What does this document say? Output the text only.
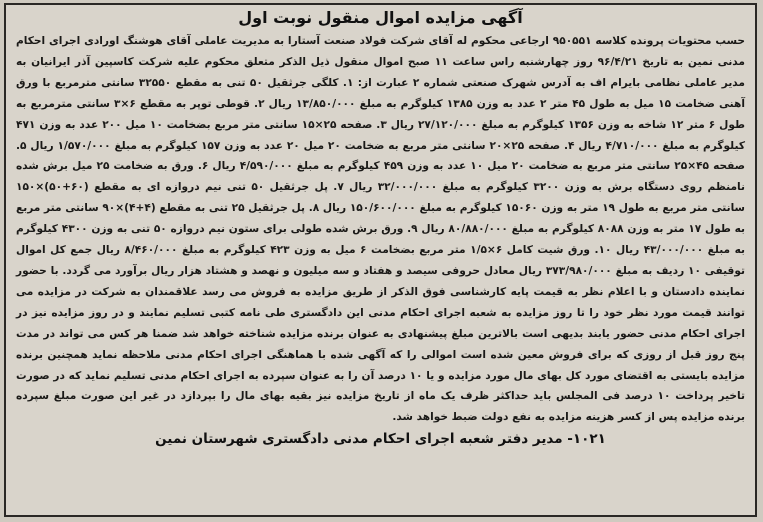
آگهی مزایده اموال منقول نوبت اول

حسب محتویات پرونده کلاسه ۹۵۰۵۵۱ ارجاعی محکوم له آقای شرکت فولاد صنعت آستارا به مدیریت عاملی آقای هوشنگ اورادی اجرای احکام مدنی نمین به تاریخ ۹۶/۴/۲۱ روز چهارشنبه راس ساعت ۱۱ صبح اموال منقول ذیل الذکر متعلق محکوم علیه شرکت کاسپین آذر ایرانیان به مدیر عاملی نظامی بایرام اف به آدرس شهرک صنعتی شماره ۲ عبارت از: ۱. کلگی جرثقیل ۵۰ تنی به مقطع ۳۲۵۵۰ سانتی مترمربع با ورق آهنی ضخامت ۱۵ میل به طول ۴۵ متر ۲ عدد به وزن ۱۳۸۵ کیلوگرم به مبلغ ۱۳/۸۵۰/۰۰۰ ریال ۲. قوطی توپر به مقطع ۶×۳ سانتی مترمربع به طول ۶ متر ۱۲ شاخه به وزن ۱۳۵۶ کیلوگرم به مبلغ ۲۷/۱۲۰/۰۰۰ ریال ۳. صفحه ۲۵×۱۵ سانتی متر مربع بضخامت ۱۰ میل ۲۰۰ عدد به وزن ۴۷۱ کیلوگرم به مبلغ ۴/۷۱۰/۰۰۰ ریال ۴. صفحه ۲۵×۲۰ سانتی متر مربع به ضخامت ۲۰ میل ۲۰ عدد به وزن ۱۵۷ کیلوگرم به مبلغ ۱/۵۷۰/۰۰۰ ریال ۵. صفحه ۴۵×۲۵ سانتی متر مربع به ضخامت ۲۰ میل ۱۰ عدد به وزن ۴۵۹ کیلوگرم به مبلغ ۴/۵۹۰/۰۰۰ ریال ۶. ورق به ضخامت ۲۵ میل برش شده نامنظم روی دستگاه برش به وزن ۳۲۰۰ کیلوگرم به مبلغ ۳۲/۰۰۰/۰۰۰ ریال ۷. پل جرثقیل ۵۰ تنی نیم دروازه ای به مقطع (۶۰+۵۰)×۱۵۰ سانتی متر مربع به طول ۱۹ متر به وزن ۱۵۰۶۰ کیلوگرم به مبلغ ۱۵۰/۶۰۰/۰۰۰ ریال ۸. پل جرثقیل ۲۵ تنی به مقطع (۴+۴)×۹۰ سانتی متر مربع به طول ۱۷ متر به وزن ۸۰۸۸ کیلوگرم به مبلغ ۸۰/۸۸۰/۰۰۰ ریال ۹. ورق برش شده طولی برای ستون نیم دروازه ۵۰ تنی به وزن ۴۳۰۰ کیلوگرم به مبلغ ۴۳/۰۰۰/۰۰۰ ریال ۱۰. ورق شیت کامل ۶×۱/۵ متر مربع بضخامت ۶ میل به وزن ۴۲۳ کیلوگرم به مبلغ ۸/۴۶۰/۰۰۰ ریال جمع کل اموال توقیفی ۱۰ ردیف به مبلغ ۳۷۳/۹۸۰/۰۰۰ ریال معادل حروفی سیصد و هفتاد و سه میلیون و نهصد و هشتاد هزار ریال برآورد می گردد. با حضور نماینده دادستان و با اعلام نظر به قیمت پایه کارشناسی فوق الذکر از طریق مزایده به فروش می رسد علاقمندان به شرکت در مزایده می توانند قیمت مورد نظر خود را تا روز مزایده به شعبه اجرای احکام مدنی این دادگستری طی نامه کتبی تسلیم نمایند و در روز مزایده نیز در اجرای احکام مدنی حضور یابند بدیهی است بالاترین مبلغ پیشنهادی به عنوان برنده مزایده شناخته خواهد شد ضمنا هر کس می تواند در مدت پنج روز قبل از روزی که برای فروش معین شده است اموالی را که آگهی شده با هماهنگی اجرای احکام مدنی ملاحظه نماید همچنین برنده مزایده بایستی به اقتضای مورد کل بهای مال مورد مزایده و یا ۱۰ درصد آن را به عنوان سپرده به اجرای احکام مدنی تسلیم نماید که در صورت تاخیر پرداخت ۱۰ درصد فی المجلس باید حداکثر ظرف یک ماه از تاریخ مزایده نیز بقیه بهای مال را بپردازد در غیر این صورت مبلغ سپرده برنده مزایده پس از کسر هزینه مزایده به نفع دولت ضبط خواهد شد.

۱۰۲۱- مدیر دفتر شعبه اجرای احکام مدنی دادگستری شهرستان نمین
